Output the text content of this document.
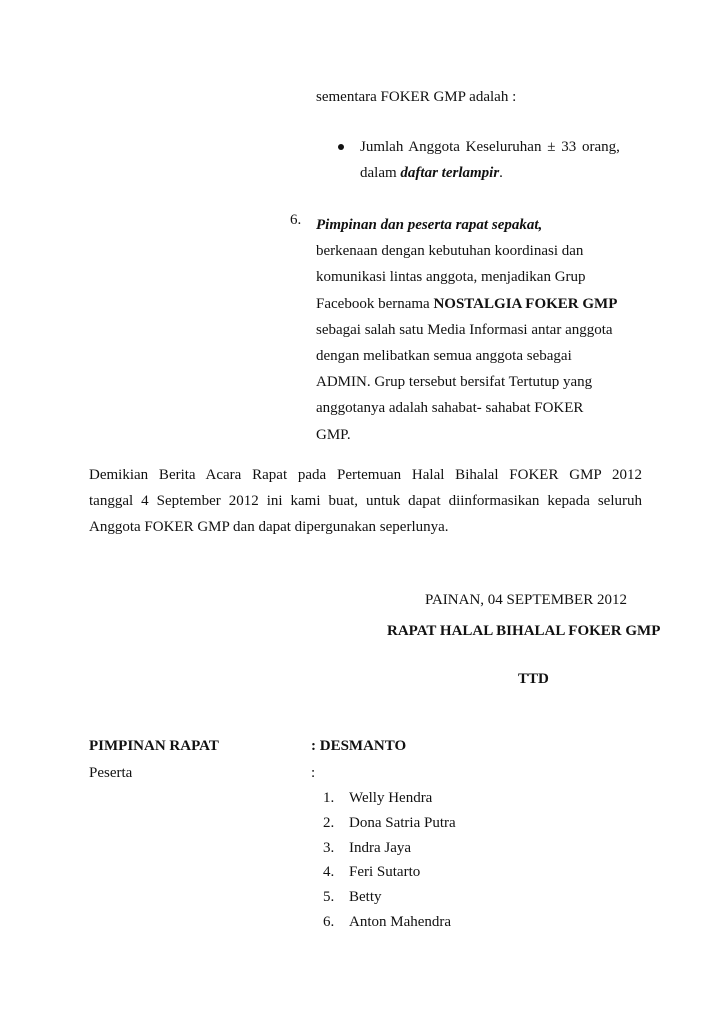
sementara FOKER GMP adalah :
Jumlah Anggota Keseluruhan ± 33 orang,
dalam daftar terlampir.
6. Pimpinan dan peserta rapat sepakat,
berkenaan dengan kebutuhan koordinasi dan
komunikasi lintas anggota, menjadikan Grup
Facebook bernama NOSTALGIA FOKER GMP
sebagai salah satu Media Informasi antar anggota
dengan melibatkan semua anggota sebagai
ADMIN. Grup tersebut bersifat Tertutup yang
anggotanya adalah sahabat- sahabat FOKER
GMP.
Demikian Berita Acara Rapat pada Pertemuan Halal Bihalal FOKER GMP 2012
tanggal 4 September 2012 ini kami buat, untuk dapat diinformasikan kepada seluruh
Anggota FOKER GMP dan dapat dipergunakan seperlunya.
PAINAN, 04 SEPTEMBER 2012
RAPAT HALAL BIHALAL FOKER GMP
TTD
PIMPINAN RAPAT	: DESMANTO
Peserta	:
1. Welly Hendra
2. Dona Satria Putra
3. Indra Jaya
4. Feri Sutarto
5. Betty
6. Anton Mahendra
